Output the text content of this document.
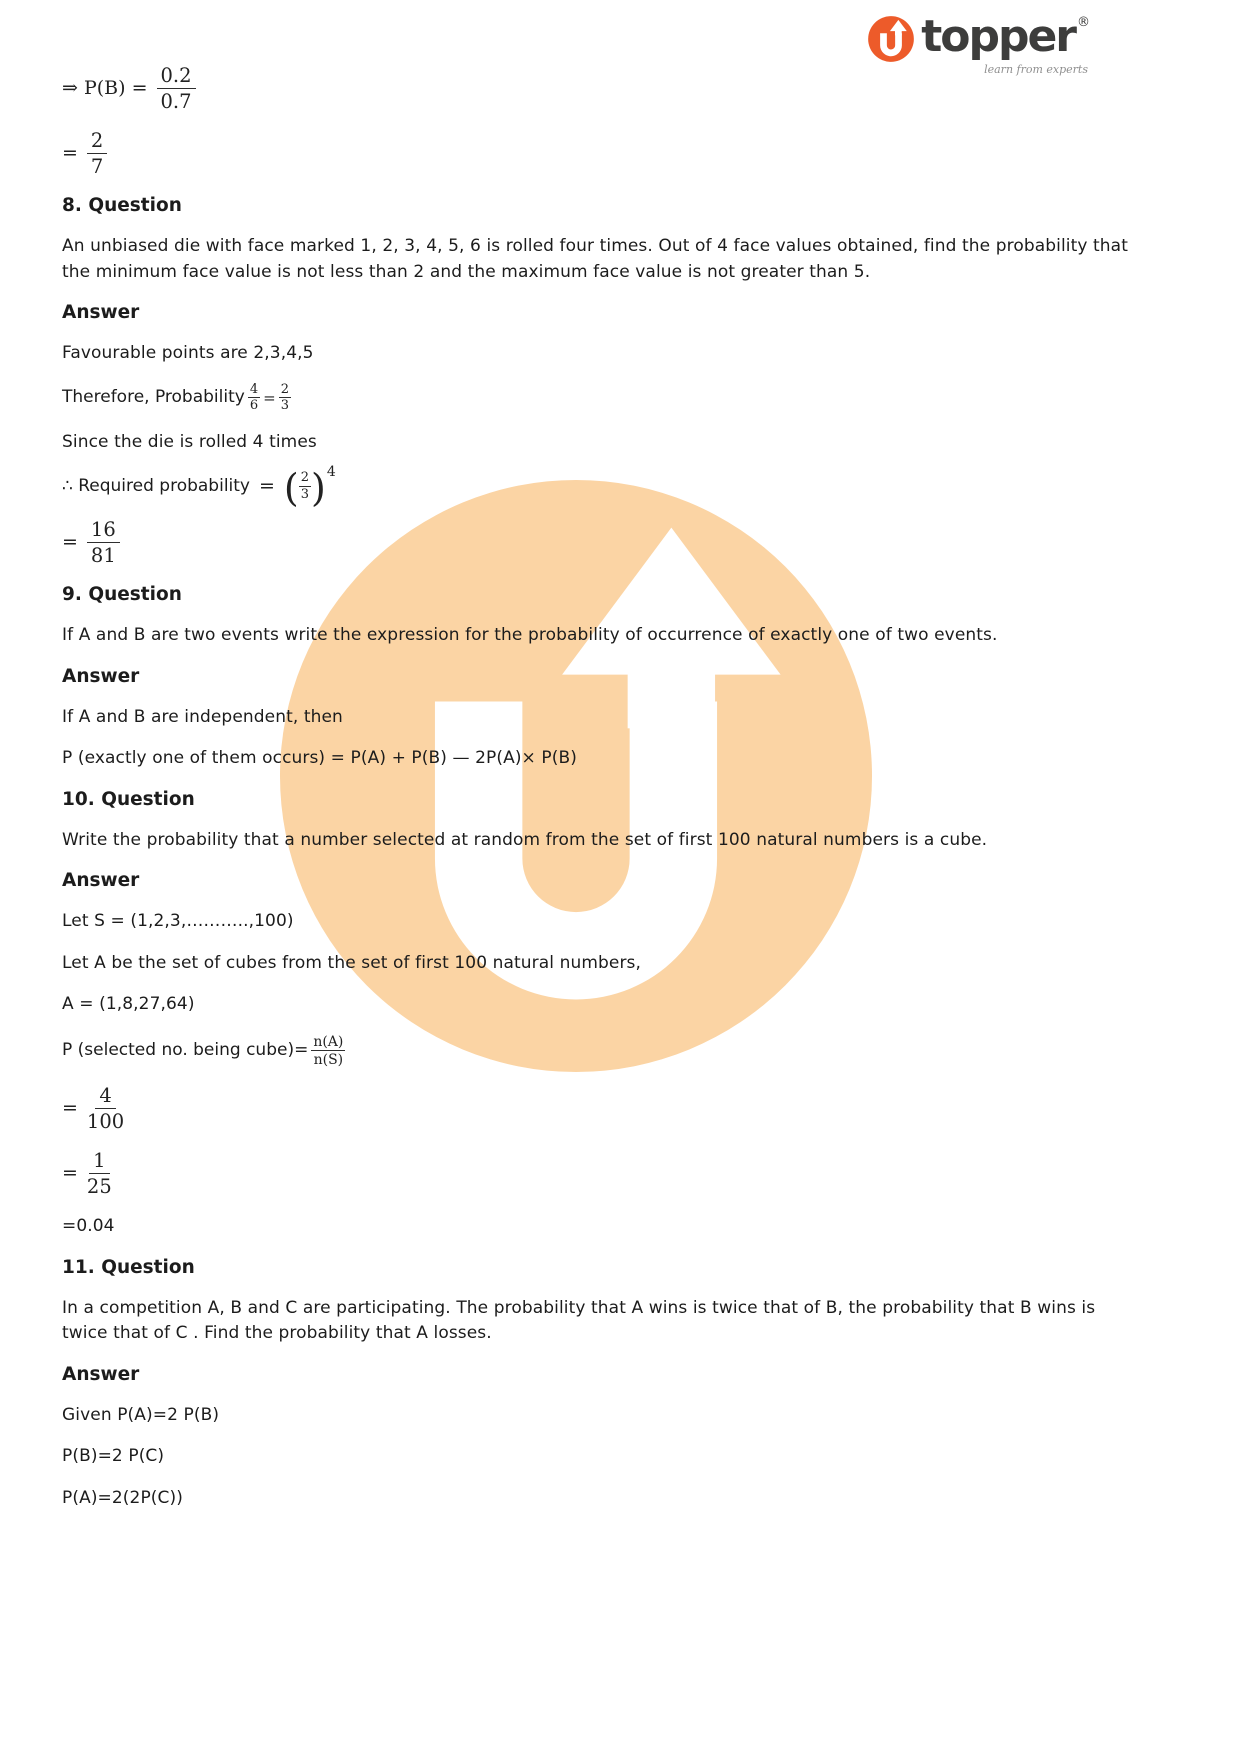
topper ®
learn from experts
⇒ $P(B) = \frac{0.2}{0.7}$
= $\frac{2}{7}$
8. Question

An unbiased die with face marked 1, 2, 3, 4, 5, 6 is rolled four times. Out of 4 face values obtained, find the probability that the minimum face value is not less than 2 and the maximum face value is not greater than 5.

Answer

Favourable points are 2,3,4,5

Therefore, Probability $\frac{4}{6} = \frac{2}{3}$

Since the die is rolled 4 times

∴ Required probability = ( $\frac{2}{3}$ ) 4
= $\frac{16}{81}$
9. Question

If A and B are two events write the expression for the probability of occurrence of exactly one of two events.

Answer

If A and B are independent, then

P (exactly one of them occurs) = P(A) + P(B) — 2P(A)× P(B)

10. Question

Write the probability that a number selected at random from the set of first 100 natural numbers is a cube.

Answer

Let S = (1,2,3,………..,100)

Let A be the set of cubes from the set of first 100 natural numbers,

A = (1,8,27,64)

P (selected no. being cube)= $\frac{n(A)}{n(S)}$
= $\frac{4}{100}$
= $\frac{1}{25}$

=0.04

11. Question

In a competition A, B and C are participating. The probability that A wins is twice that of B, the probability that B wins is twice that of C . Find the probability that A losses.

Answer

Given P(A)=2 P(B)

P(B)=2 P(C)

P(A)=2(2P(C))
